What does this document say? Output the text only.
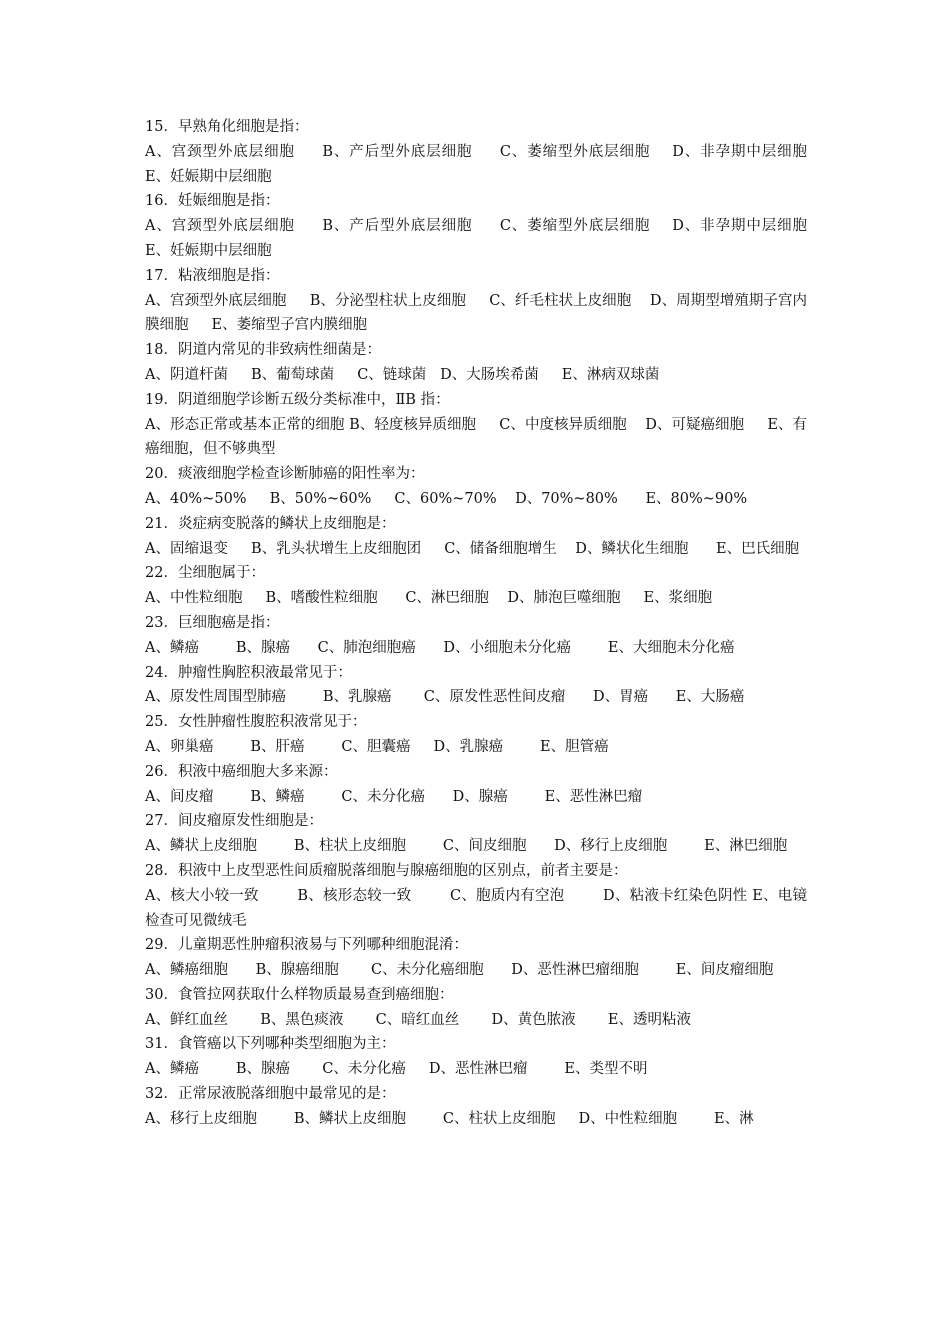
15．早熟角化细胞是指：

A、宫颈型外底层细胞     B、产后型外底层细胞     C、萎缩型外底层细胞    D、非孕期中层细胞     E、妊娠期中层细胞

16．妊娠细胞是指：

A、宫颈型外底层细胞     B、产后型外底层细胞     C、萎缩型外底层细胞    D、非孕期中层细胞     E、妊娠期中层细胞

17．粘液细胞是指：

A、宫颈型外底层细胞     B、分泌型柱状上皮细胞     C、纤毛柱状上皮细胞    D、周期型增殖期子宫内膜细胞     E、萎缩型子宫内膜细胞

18．阴道内常见的非致病性细菌是：

A、阴道杆菌     B、葡萄球菌     C、链球菌   D、大肠埃希菌     E、淋病双球菌

19．阴道细胞学诊断五级分类标准中，ⅡB 指：

A、形态正常或基本正常的细胞 B、轻度核异质细胞     C、中度核异质细胞    D、可疑癌细胞     E、有癌细胞，但不够典型

20．痰液细胞学检查诊断肺癌的阳性率为：

A、40%~50%     B、50%~60%     C、60%~70%    D、70%~80%      E、80%~90%

21．炎症病变脱落的鳞状上皮细胞是：

A、固缩退变     B、乳头状增生上皮细胞团     C、储备细胞增生    D、鳞状化生细胞      E、巴氏细胞

22．尘细胞属于：

A、中性粒细胞     B、嗜酸性粒细胞      C、淋巴细胞    D、肺泡巨噬细胞     E、浆细胞

23．巨细胞癌是指：

A、鳞癌        B、腺癌      C、肺泡细胞癌      D、小细胞未分化癌        E、大细胞未分化癌

24．肿瘤性胸腔积液最常见于：

A、原发性周围型肺癌        B、乳腺癌       C、原发性恶性间皮瘤      D、胃癌      E、大肠癌

25．女性肿瘤性腹腔积液常见于：

A、卵巢癌        B、肝癌        C、胆囊癌     D、乳腺癌        E、胆管癌

26．积液中癌细胞大多来源：

A、间皮瘤        B、鳞癌        C、未分化癌      D、腺癌        E、恶性淋巴瘤

27．间皮瘤原发性细胞是：

A、鳞状上皮细胞        B、柱状上皮细胞        C、间皮细胞      D、移行上皮细胞        E、淋巴细胞

28．积液中上皮型恶性间质瘤脱落细胞与腺癌细胞的区别点，前者主要是：

A、核大小较一致        B、核形态较一致        C、胞质内有空泡        D、粘液卡红染色阴性 E、电镜检查可见微绒毛

29．儿童期恶性肿瘤积液易与下列哪种细胞混淆：

A、鳞癌细胞      B、腺癌细胞       C、未分化癌细胞      D、恶性淋巴瘤细胞        E、间皮瘤细胞

30．食管拉网获取什么样物质最易查到癌细胞：

A、鲜红血丝       B、黑色痰液       C、暗红血丝       D、黄色脓液       E、透明粘液

31．食管癌以下列哪种类型细胞为主：

A、鳞癌        B、腺癌       C、未分化癌     D、恶性淋巴瘤        E、类型不明

32．正常尿液脱落细胞中最常见的是：

A、移行上皮细胞        B、鳞状上皮细胞        C、柱状上皮细胞     D、中性粒细胞        E、淋
